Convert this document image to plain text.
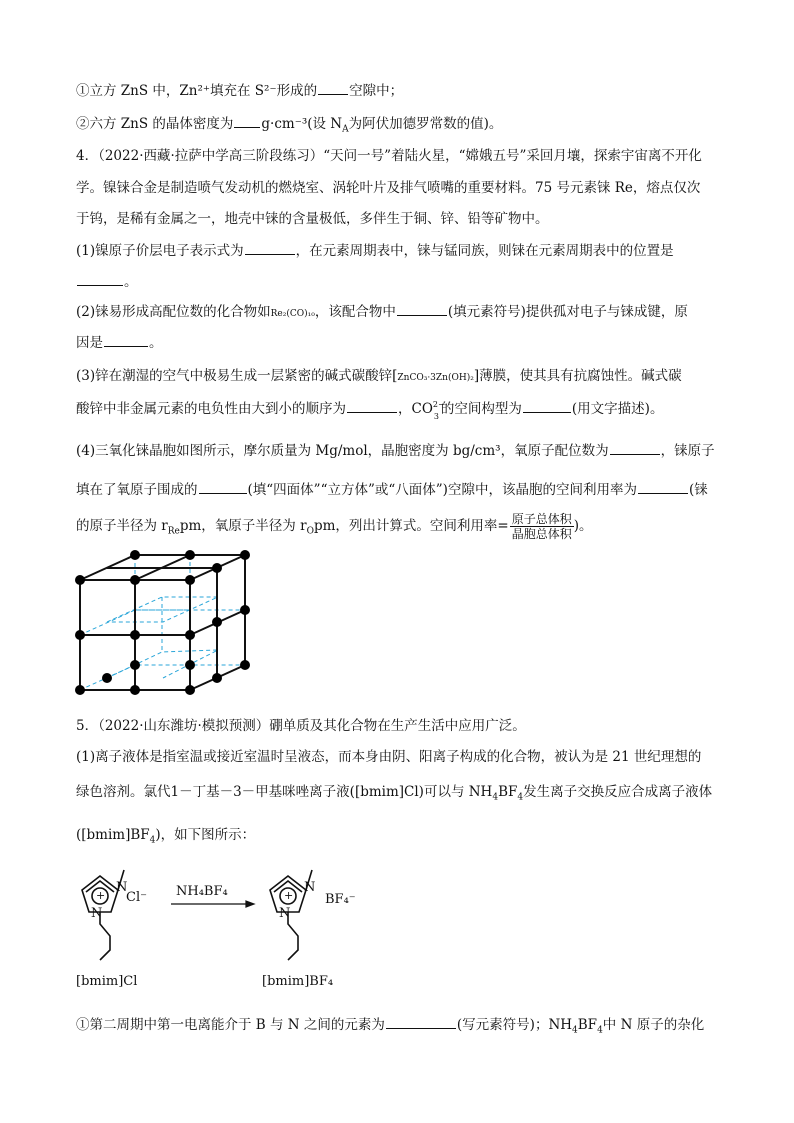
①立方 ZnS 中，Zn²⁺填充在 S²⁻形成的 空隙中；
②六方 ZnS 的晶体密度为 g·cm⁻³(设 $N_A$为阿伏加德罗常数的值)。
4．（2022·西藏·拉萨中学高三阶段练习）“天问一号”着陆火星，“嫦娥五号”采回月壤，探索宇宙离不开化
学。镍铼合金是制造喷气发动机的燃烧室、涡轮叶片及排气喷嘴的重要材料。75 号元素铼 Re，熔点仅次
于钨，是稀有金属之一，地壳中铼的含量极低，多伴生于铜、锌、铅等矿物中。
(1)镍原子价层电子表示式为	，在元素周期表中，铼与锰同族，则铼在元素周期表中的位置是
。
(2)铼易形成高配位数的化合物如Re₂(CO)₁₀，该配合物中	(填元素符号)提供孤对电子与铼成键，原
因是	。
(3)锌在潮湿的空气中极易生成一层紧密的碱式碳酸锌[ZnCO₃·3Zn(OH)₂]薄膜，使其具有抗腐蚀性。碱式碳
酸锌中非金属元素的电负性由大到小的顺序为	，CO 2−
3 的空间构型为	(用文字描述)。
(4)三氧化铼晶胞如图所示，摩尔质量为 Mg/mol，晶胞密度为 bg/cm³，氧原子配位数为	，铼原子
填在了氧原子围成的	(填“四面体”“立方体”或“八面体”)空隙中，该晶胞的空间利用率为	(铼
的原子半径为 $r_{Re}pm$，氧原子半径为 $r_Opm$，列出计算式。空间利用率= $\frac{\text{原子总体积}}{\text{晶胞总体积}}$ )。
5．（2022·山东潍坊·模拟预测）硼单质及其化合物在生产生活中应用广泛。
(1)离子液体是指室温或接近室温时呈液态，而本身由阴、阳离子构成的化合物，被认为是 21 世纪理想的
绿色溶剂。氯代1－丁基－3－甲基咪唑离子液([bmim]Cl)可以与 $NH_4BF_4$发生离子交换反应合成离子液体
$([bmim]BF_4)$，如下图所示：
N
N
+ Cl⁻ NH₄BF₄	N
N
+ BF₄⁻
[bmim]Cl	[bmim]BF₄
①第二周期中第一电离能介于 B 与 N 之间的元素为	(写元素符号)；$NH_4BF_4$中 N 原子的杂化
